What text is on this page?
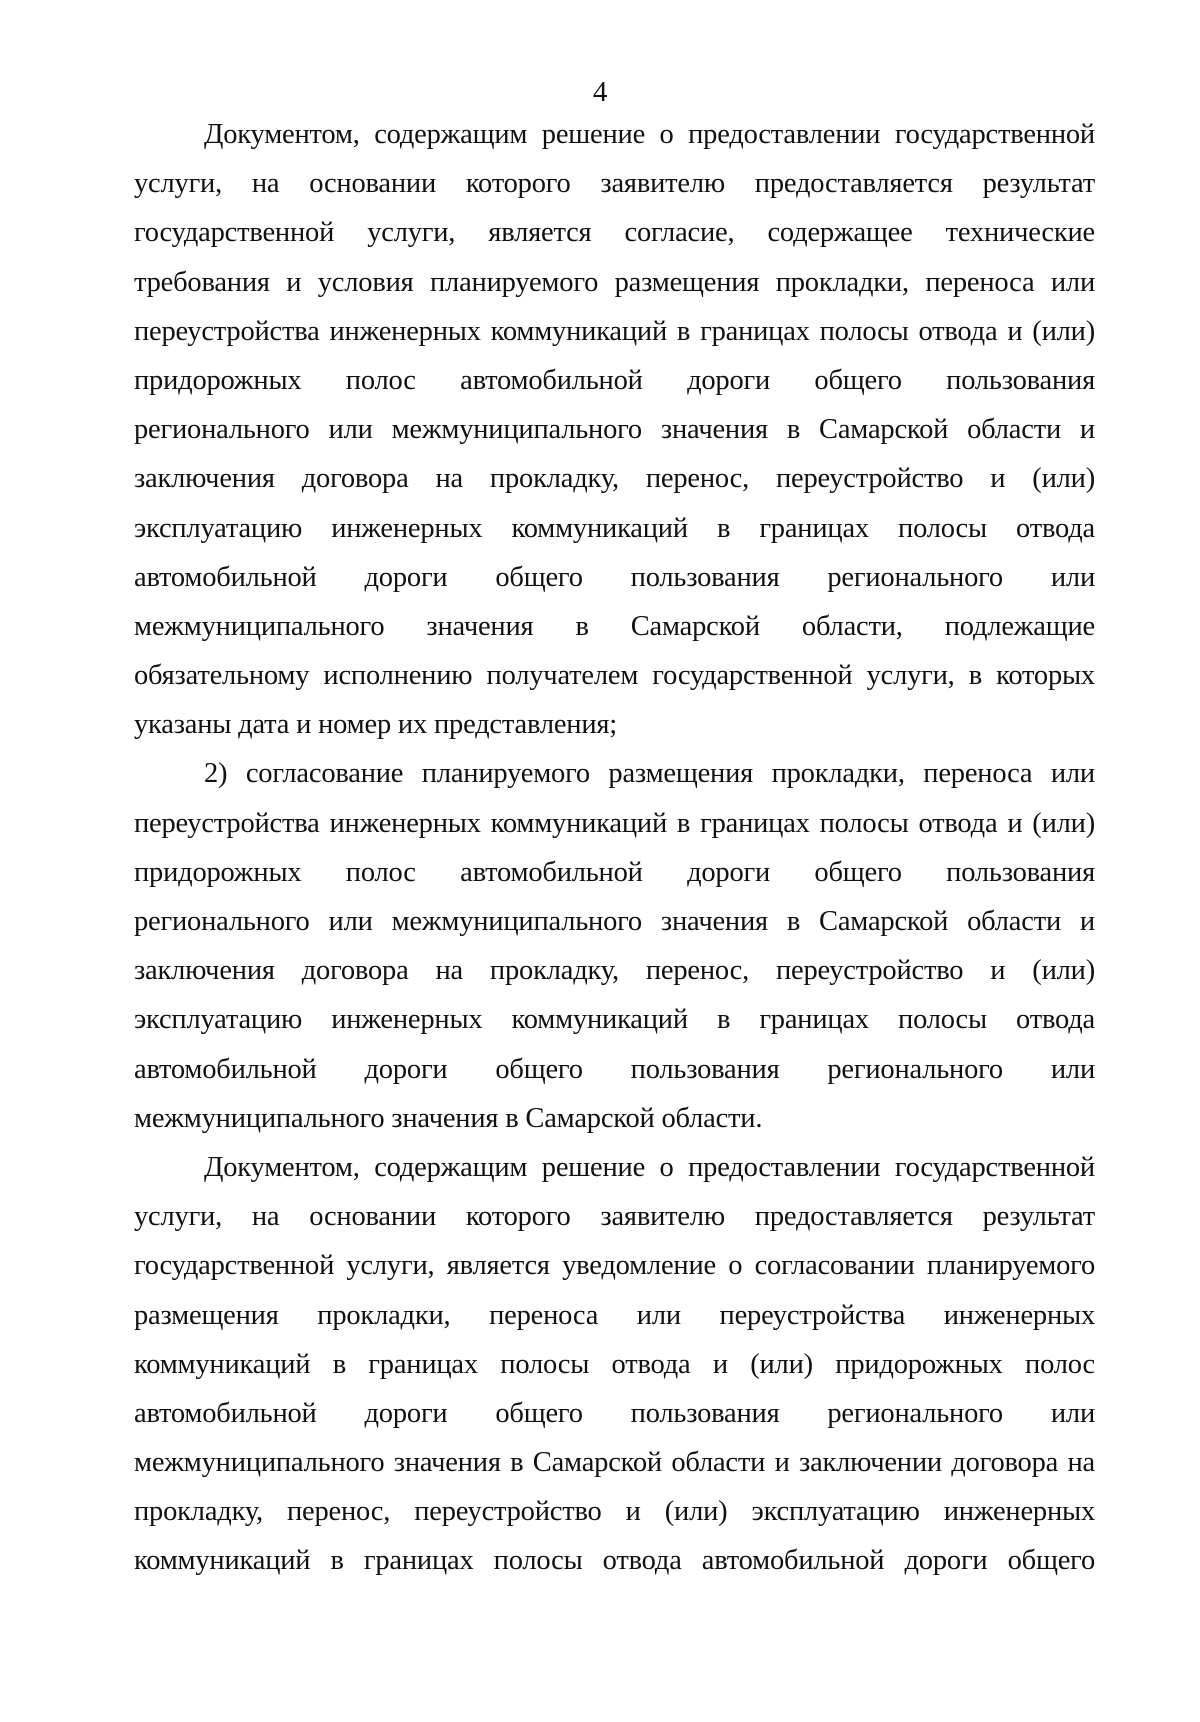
4
Документом, содержащим решение о предоставлении государственной
услуги, на основании которого заявителю предоставляется результат
государственной услуги, является согласие, содержащее технические
требования и условия планируемого размещения прокладки, переноса или
переустройства инженерных коммуникаций в границах полосы отвода и (или)
придорожных полос автомобильной дороги общего пользования
регионального или межмуниципального значения в Самарской области и
заключения договора на прокладку, перенос, переустройство и (или)
эксплуатацию инженерных коммуникаций в границах полосы отвода
автомобильной дороги общего пользования регионального или
межмуниципального значения в Самарской области, подлежащие
обязательному исполнению получателем государственной услуги, в которых
указаны дата и номер их представления;
2) согласование планируемого размещения прокладки, переноса или
переустройства инженерных коммуникаций в границах полосы отвода и (или)
придорожных полос автомобильной дороги общего пользования
регионального или межмуниципального значения в Самарской области и
заключения договора на прокладку, перенос, переустройство и (или)
эксплуатацию инженерных коммуникаций в границах полосы отвода
автомобильной дороги общего пользования регионального или
межмуниципального значения в Самарской области.
Документом, содержащим решение о предоставлении государственной
услуги, на основании которого заявителю предоставляется результат
государственной услуги, является уведомление о согласовании планируемого
размещения прокладки, переноса или переустройства инженерных
коммуникаций в границах полосы отвода и (или) придорожных полос
автомобильной дороги общего пользования регионального или
межмуниципального значения в Самарской области и заключении договора на
прокладку, перенос, переустройство и (или) эксплуатацию инженерных
коммуникаций в границах полосы отвода автомобильной дороги общего
